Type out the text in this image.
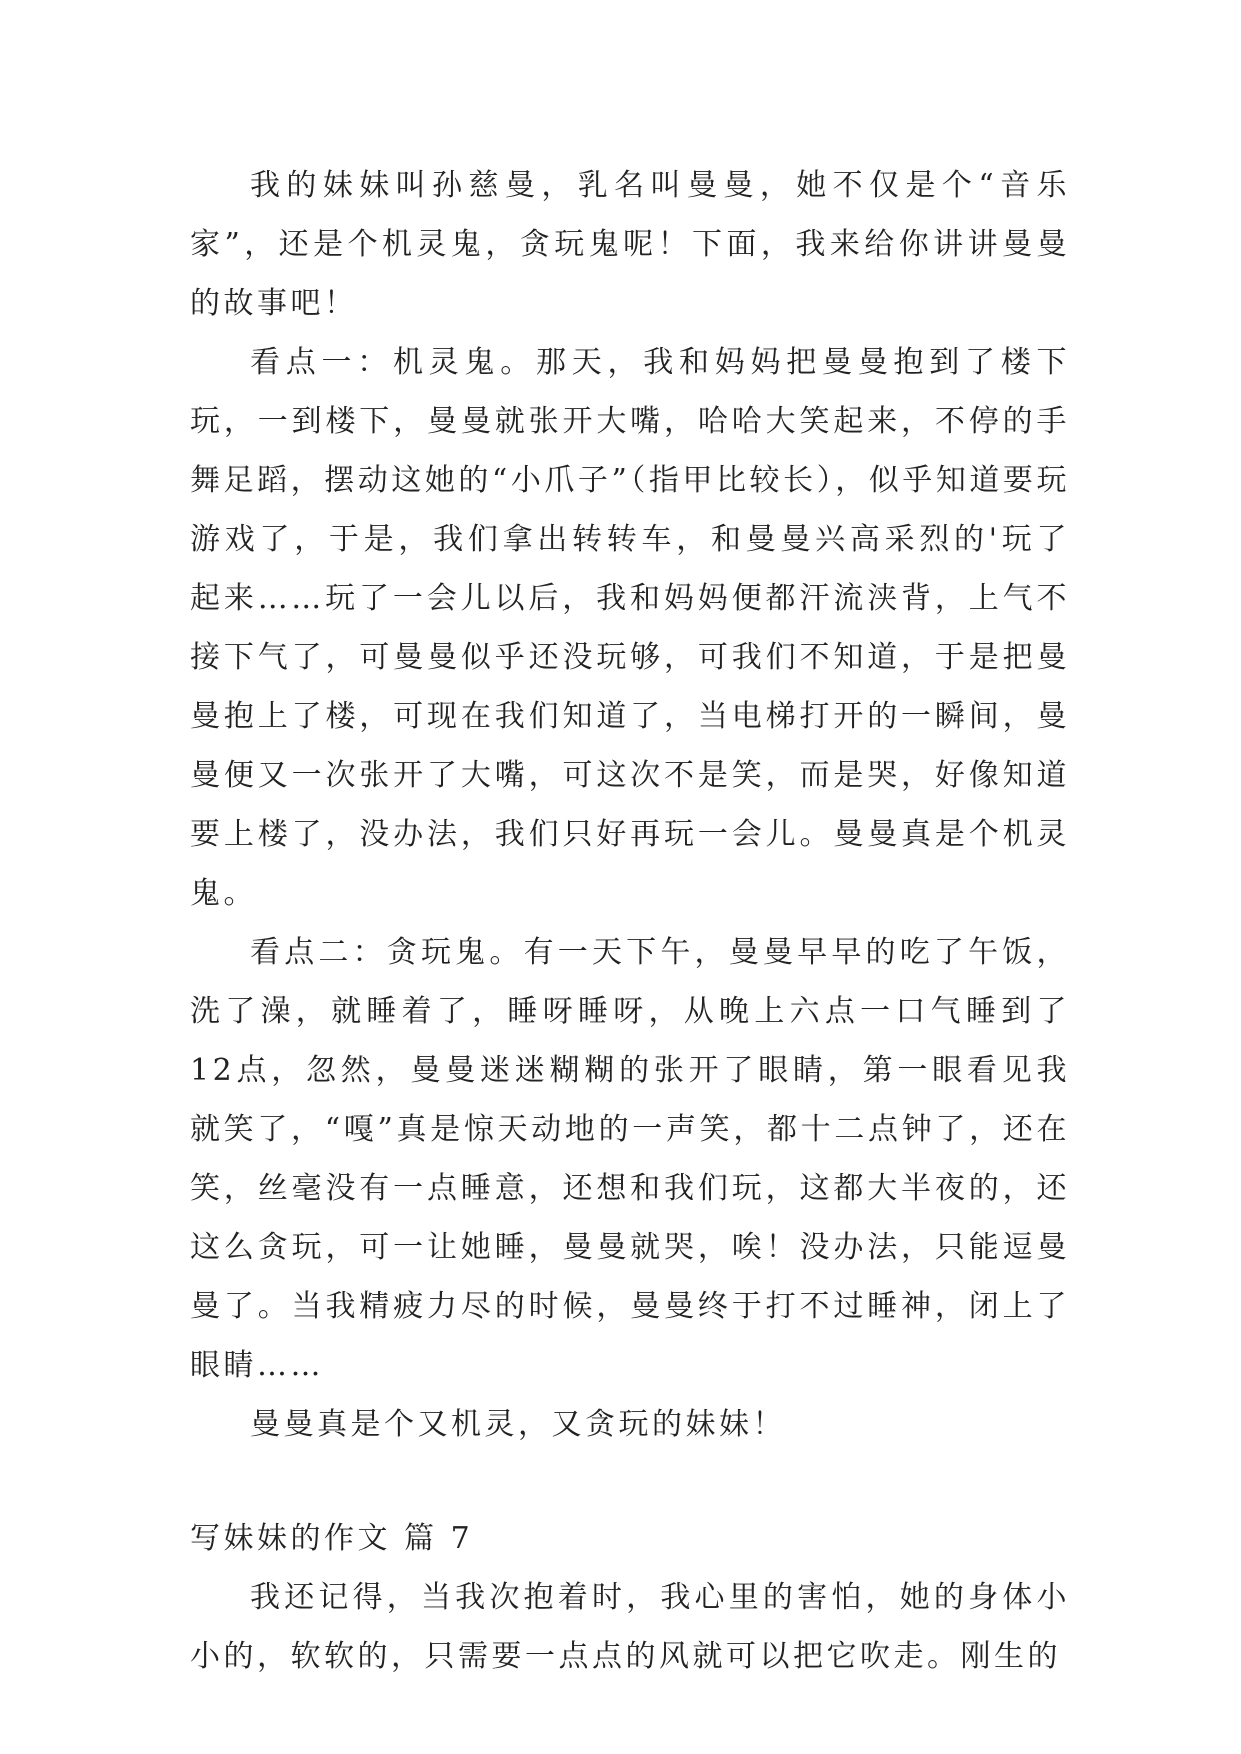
我的妹妹叫孙慈曼，乳名叫曼曼，她不仅是个“音乐家”，还是个机灵鬼，贪玩鬼呢！下面，我来给你讲讲曼曼的故事吧！

看点一：机灵鬼。那天，我和妈妈把曼曼抱到了楼下玩，一到楼下，曼曼就张开大嘴，哈哈大笑起来，不停的手舞足蹈，摆动这她的“小爪子”（指甲比较长），似乎知道要玩游戏了，于是，我们拿出转转车，和曼曼兴高采烈的'玩了起来……玩了一会儿以后，我和妈妈便都汗流浃背，上气不接下气了，可曼曼似乎还没玩够，可我们不知道，于是把曼曼抱上了楼，可现在我们知道了，当电梯打开的一瞬间，曼曼便又一次张开了大嘴，可这次不是笑，而是哭，好像知道要上楼了，没办法，我们只好再玩一会儿。曼曼真是个机灵鬼。

看点二：贪玩鬼。有一天下午，曼曼早早的吃了午饭，洗了澡，就睡着了，睡呀睡呀，从晚上六点一口气睡到了12点，忽然，曼曼迷迷糊糊的张开了眼睛，第一眼看见我就笑了，“嘎”真是惊天动地的一声笑，都十二点钟了，还在笑，丝毫没有一点睡意，还想和我们玩，这都大半夜的，还这么贪玩，可一让她睡，曼曼就哭，唉！没办法，只能逗曼曼了。当我精疲力尽的时候，曼曼终于打不过睡神，闭上了眼睛……

曼曼真是个又机灵，又贪玩的妹妹！

写妹妹的作文 篇 7

我还记得，当我次抱着时，我心里的害怕，她的身体小小的，软软的，只需要一点点的风就可以把它吹走。刚生的
